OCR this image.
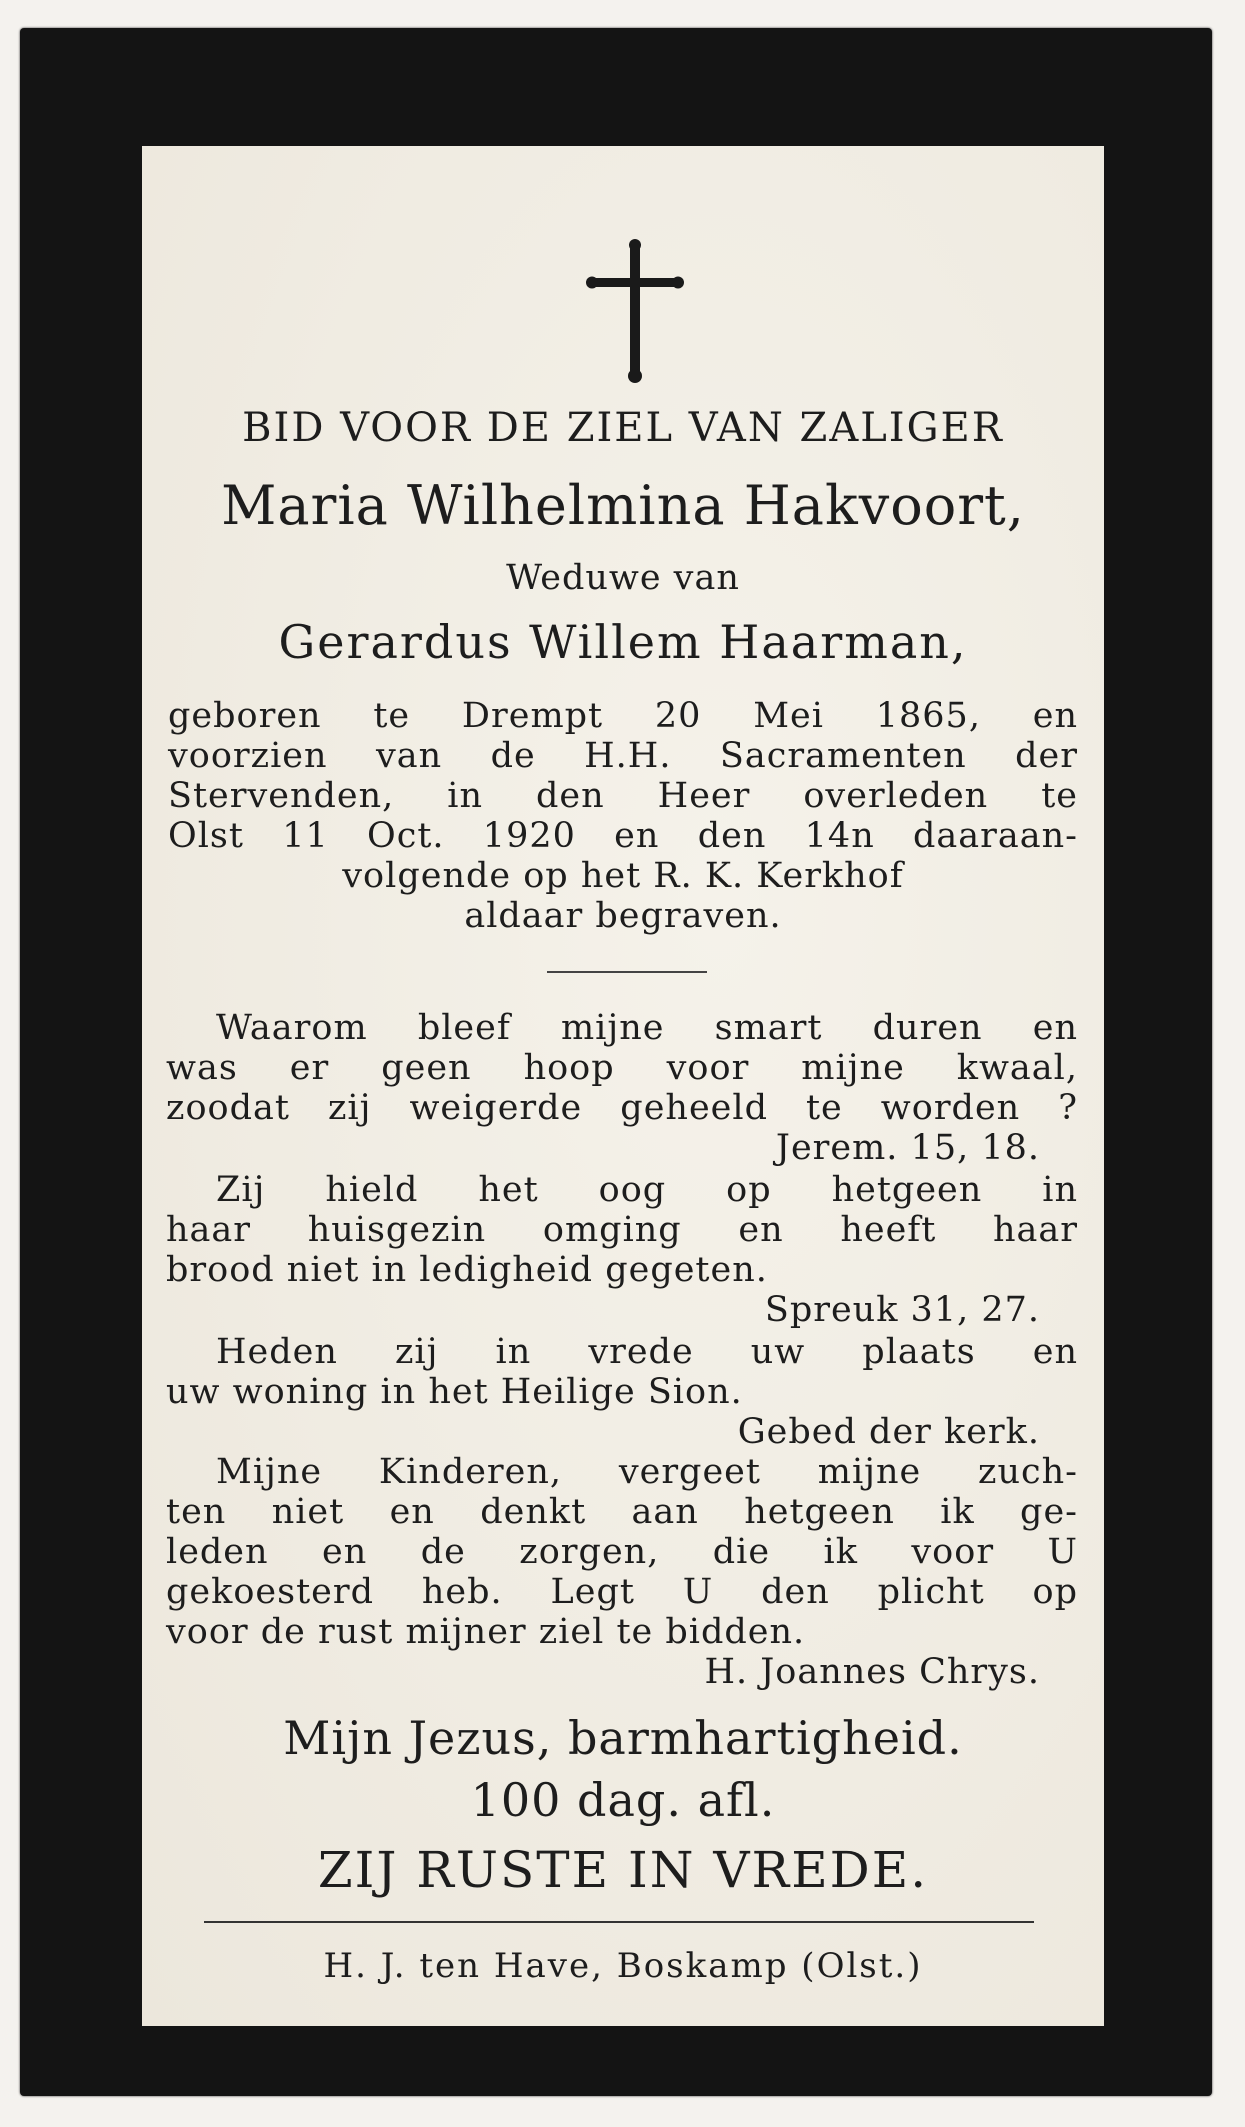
BID VOOR DE ZIEL VAN ZALIGER
Maria Wilhelmina Hakvoort,
Weduwe van
Gerardus Willem Haarman,
geboren te Drempt 20 Mei 1865, en
voorzien van de H.H. Sacramenten der
Stervenden, in den Heer overleden te
Olst 11 Oct. 1920 en den 14n daaraan-
volgende op het R. K. Kerkhof
aldaar begraven.
Waarom bleef mijne smart duren en
was er geen hoop voor mijne kwaal,
zoodat zij weigerde geheeld te worden ?
Jerem. 15, 18.
Zij hield het oog op hetgeen in
haar huisgezin omging en heeft haar
brood niet in ledigheid gegeten.
Spreuk 31, 27.
Heden zij in vrede uw plaats en
uw woning in het Heilige Sion.
Gebed der kerk.
Mijne Kinderen, vergeet mijne zuch-
ten niet en denkt aan hetgeen ik ge-
leden en de zorgen, die ik voor U
gekoesterd heb. Legt U den plicht op
voor de rust mijner ziel te bidden.
H. Joannes Chrys.
Mijn Jezus, barmhartigheid.
100 dag. afl.
ZIJ RUSTE IN VREDE.
H. J. ten Have, Boskamp (Olst.)
